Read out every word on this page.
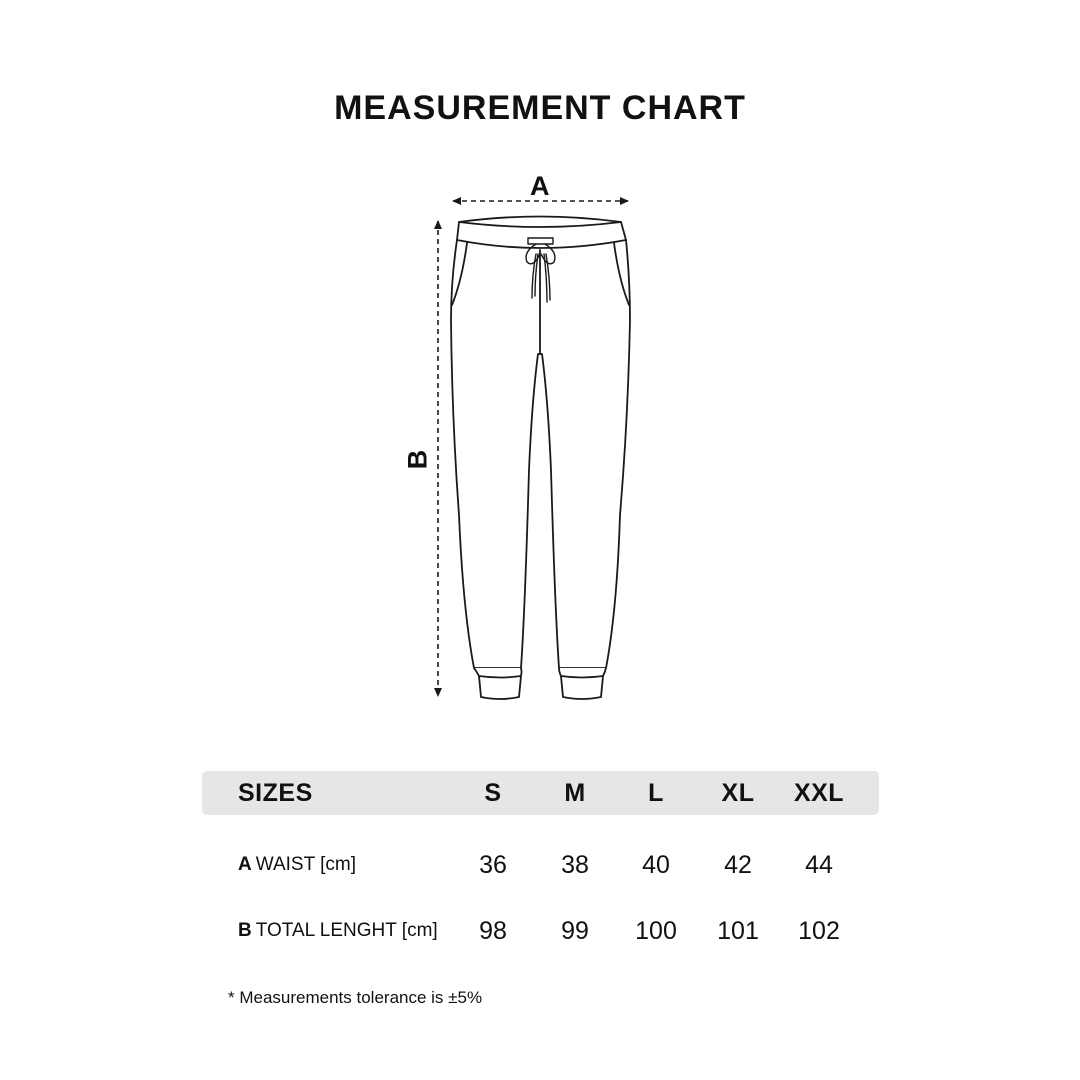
MEASUREMENT CHART
A
B
SIZES	S	M	L	XL	XXL
A WAIST [cm]	36	38	40	42	44
B TOTAL LENGHT [cm]	98	99	100	101	102
* Measurements tolerance is ±5%
